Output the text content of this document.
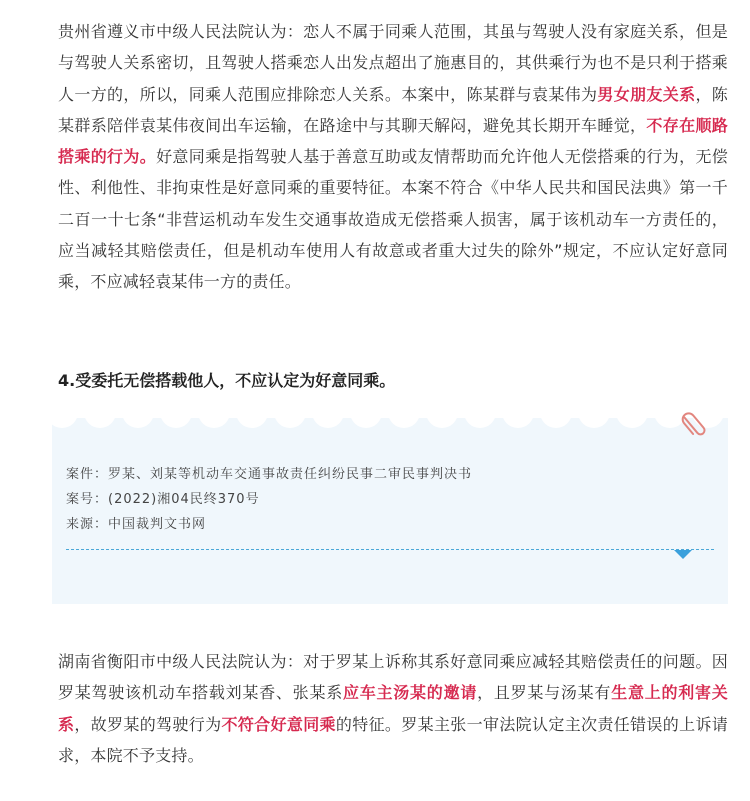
贵州省遵义市中级人民法院认为：恋人不属于同乘人范围，其虽与驾驶人没有家庭关系，但是与驾驶人关系密切，且驾驶人搭乘恋人出发点超出了施惠目的，其供乘行为也不是只利于搭乘人一方的，所以，同乘人范围应排除恋人关系。本案中，陈某群与袁某伟为男女朋友关系，陈某群系陪伴袁某伟夜间出车运输，在路途中与其聊天解闷，避免其长期开车睡觉，不存在顺路搭乘的行为。好意同乘是指驾驶人基于善意互助或友情帮助而允许他人无偿搭乘的行为，无偿性、利他性、非拘束性是好意同乘的重要特征。本案不符合《中华人民共和国民法典》第一千二百一十七条“非营运机动车发生交通事故造成无偿搭乘人损害，属于该机动车一方责任的，应当减轻其赔偿责任，但是机动车使用人有故意或者重大过失的除外”规定，不应认定好意同乘，不应减轻袁某伟一方的责任。

4.受委托无偿搭载他人，不应认定为好意同乘。
案件：罗某、刘某等机动车交通事故责任纠纷民事二审民事判决书
案号：(2022)湘04民终370号
来源：中国裁判文书网

湖南省衡阳市中级人民法院认为：对于罗某上诉称其系好意同乘应减轻其赔偿责任的问题。因罗某驾驶该机动车搭载刘某香、张某系应车主汤某的邀请，且罗某与汤某有生意上的利害关系，故罗某的驾驶行为不符合好意同乘的特征。罗某主张一审法院认定主次责任错误的上诉请求，本院不予支持。
